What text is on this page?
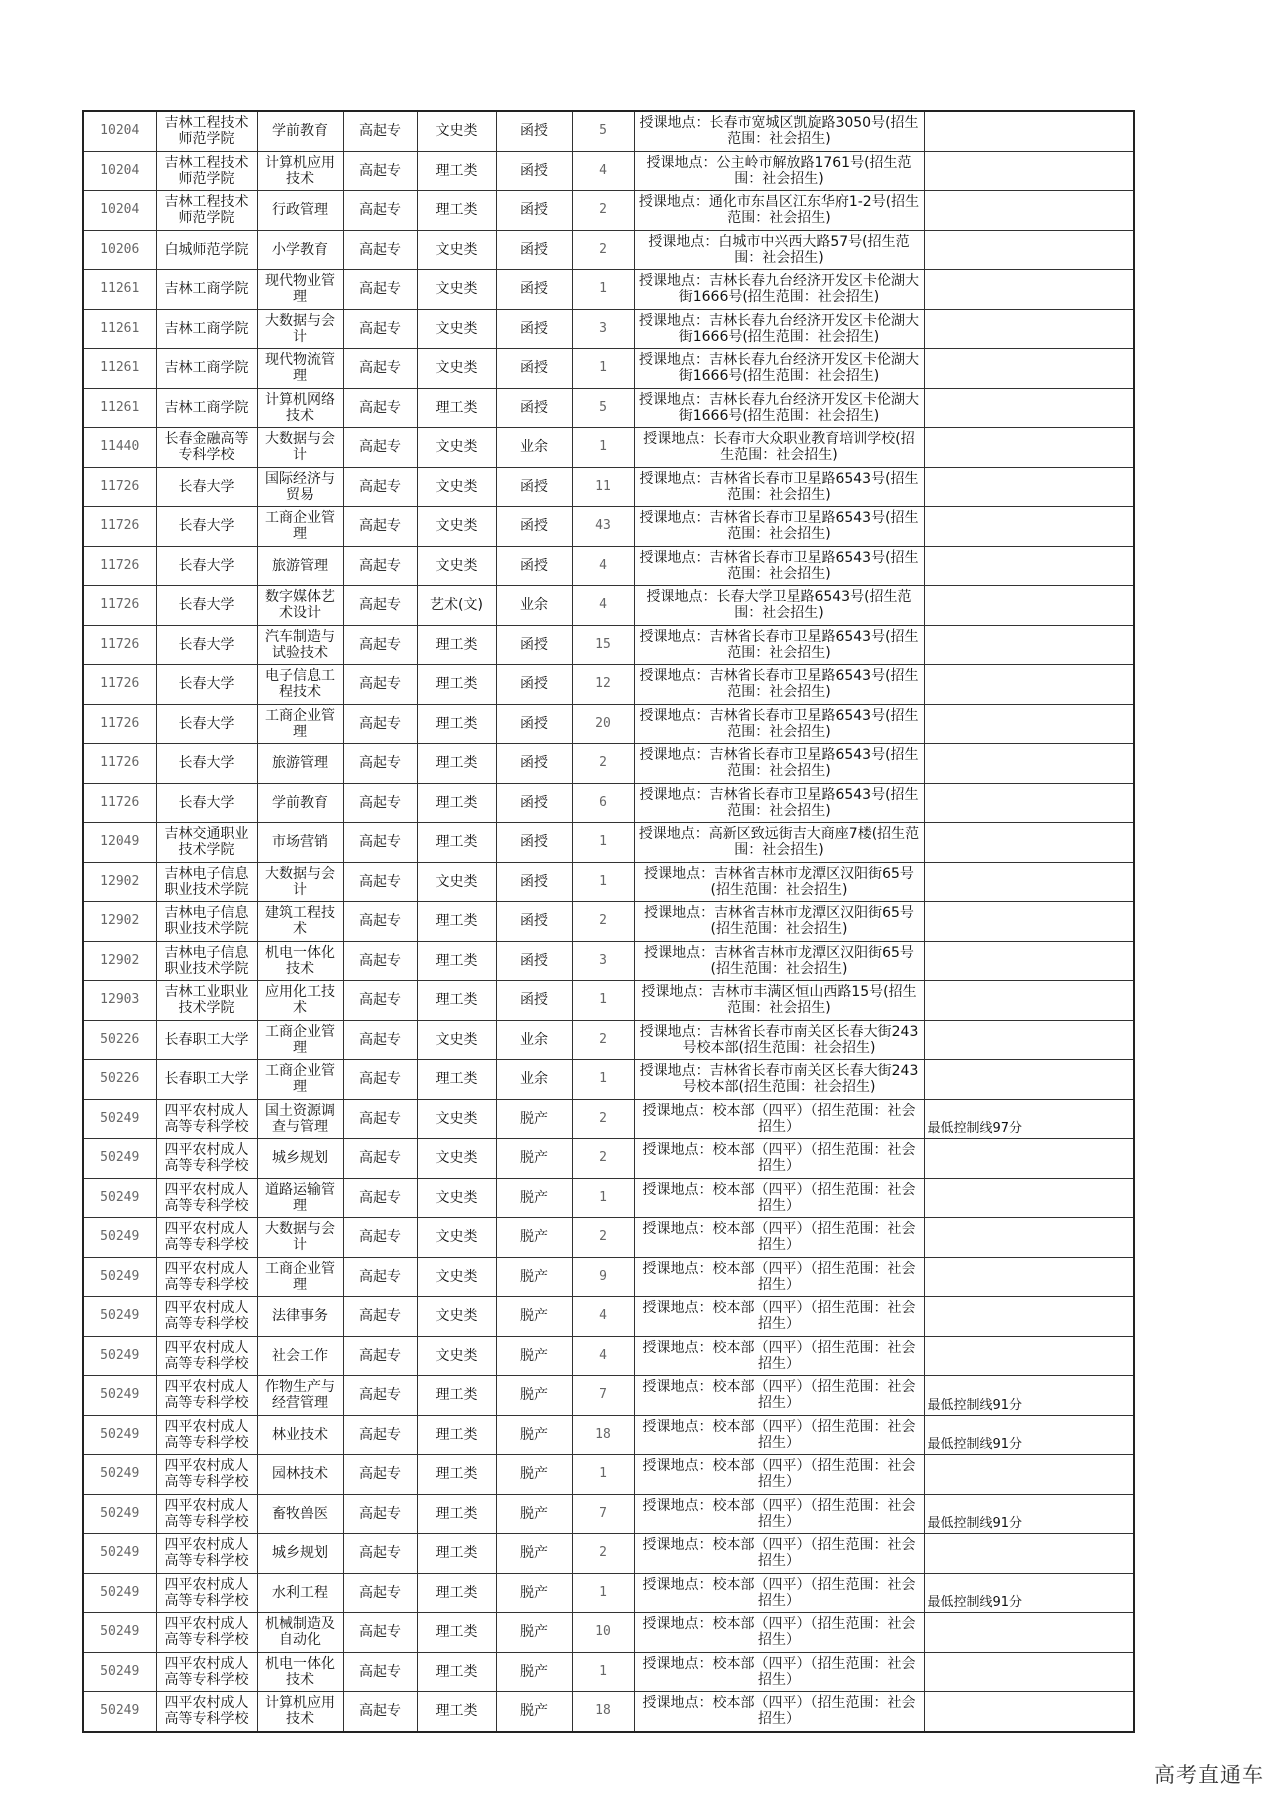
10204	吉林工程技术师范学院	学前教育	高起专	文史类	函授	5	授课地点：长春市宽城区凯旋路3050号(招生范围：社会招生)	
10204	吉林工程技术师范学院	计算机应用技术	高起专	理工类	函授	4	授课地点：公主岭市解放路1761号(招生范围：社会招生)	
10204	吉林工程技术师范学院	行政管理	高起专	理工类	函授	2	授课地点：通化市东昌区江东华府1-2号(招生范围：社会招生)	
10206	白城师范学院	小学教育	高起专	文史类	函授	2	授课地点：白城市中兴西大路57号(招生范围：社会招生)	
11261	吉林工商学院	现代物业管理	高起专	文史类	函授	1	授课地点：吉林长春九台经济开发区卡伦湖大街1666号(招生范围：社会招生)	
11261	吉林工商学院	大数据与会计	高起专	文史类	函授	3	授课地点：吉林长春九台经济开发区卡伦湖大街1666号(招生范围：社会招生)	
11261	吉林工商学院	现代物流管理	高起专	文史类	函授	1	授课地点：吉林长春九台经济开发区卡伦湖大街1666号(招生范围：社会招生)	
11261	吉林工商学院	计算机网络技术	高起专	理工类	函授	5	授课地点：吉林长春九台经济开发区卡伦湖大街1666号(招生范围：社会招生)	
11440	长春金融高等专科学校	大数据与会计	高起专	文史类	业余	1	授课地点：长春市大众职业教育培训学校(招生范围：社会招生)	
11726	长春大学	国际经济与贸易	高起专	文史类	函授	11	授课地点：吉林省长春市卫星路6543号(招生范围：社会招生)	
11726	长春大学	工商企业管理	高起专	文史类	函授	43	授课地点：吉林省长春市卫星路6543号(招生范围：社会招生)	
11726	长春大学	旅游管理	高起专	文史类	函授	4	授课地点：吉林省长春市卫星路6543号(招生范围：社会招生)	
11726	长春大学	数字媒体艺术设计	高起专	艺术(文)	业余	4	授课地点：长春大学卫星路6543号(招生范围：社会招生)	
11726	长春大学	汽车制造与试验技术	高起专	理工类	函授	15	授课地点：吉林省长春市卫星路6543号(招生范围：社会招生)	
11726	长春大学	电子信息工程技术	高起专	理工类	函授	12	授课地点：吉林省长春市卫星路6543号(招生范围：社会招生)	
11726	长春大学	工商企业管理	高起专	理工类	函授	20	授课地点：吉林省长春市卫星路6543号(招生范围：社会招生)	
11726	长春大学	旅游管理	高起专	理工类	函授	2	授课地点：吉林省长春市卫星路6543号(招生范围：社会招生)	
11726	长春大学	学前教育	高起专	理工类	函授	6	授课地点：吉林省长春市卫星路6543号(招生范围：社会招生)	
12049	吉林交通职业技术学院	市场营销	高起专	理工类	函授	1	授课地点：高新区致远街吉大商座7楼(招生范围：社会招生)	
12902	吉林电子信息职业技术学院	大数据与会计	高起专	文史类	函授	1	授课地点：吉林省吉林市龙潭区汉阳街65号(招生范围：社会招生)	
12902	吉林电子信息职业技术学院	建筑工程技术	高起专	理工类	函授	2	授课地点：吉林省吉林市龙潭区汉阳街65号(招生范围：社会招生)	
12902	吉林电子信息职业技术学院	机电一体化技术	高起专	理工类	函授	3	授课地点：吉林省吉林市龙潭区汉阳街65号(招生范围：社会招生)	
12903	吉林工业职业技术学院	应用化工技术	高起专	理工类	函授	1	授课地点：吉林市丰满区恒山西路15号(招生范围：社会招生)	
50226	长春职工大学	工商企业管理	高起专	文史类	业余	2	授课地点：吉林省长春市南关区长春大街243号校本部(招生范围：社会招生)	
50226	长春职工大学	工商企业管理	高起专	理工类	业余	1	授课地点：吉林省长春市南关区长春大街243号校本部(招生范围：社会招生)	
50249	四平农村成人高等专科学校	国土资源调查与管理	高起专	文史类	脱产	2	授课地点：校本部（四平）（招生范围：社会招生）	最低控制线97分
50249	四平农村成人高等专科学校	城乡规划	高起专	文史类	脱产	2	授课地点：校本部（四平）（招生范围：社会招生）	
50249	四平农村成人高等专科学校	道路运输管理	高起专	文史类	脱产	1	授课地点：校本部（四平）（招生范围：社会招生）	
50249	四平农村成人高等专科学校	大数据与会计	高起专	文史类	脱产	2	授课地点：校本部（四平）（招生范围：社会招生）	
50249	四平农村成人高等专科学校	工商企业管理	高起专	文史类	脱产	9	授课地点：校本部（四平）（招生范围：社会招生）	
50249	四平农村成人高等专科学校	法律事务	高起专	文史类	脱产	4	授课地点：校本部（四平）（招生范围：社会招生）	
50249	四平农村成人高等专科学校	社会工作	高起专	文史类	脱产	4	授课地点：校本部（四平）（招生范围：社会招生）	
50249	四平农村成人高等专科学校	作物生产与经营管理	高起专	理工类	脱产	7	授课地点：校本部（四平）（招生范围：社会招生）	最低控制线91分
50249	四平农村成人高等专科学校	林业技术	高起专	理工类	脱产	18	授课地点：校本部（四平）（招生范围：社会招生）	最低控制线91分
50249	四平农村成人高等专科学校	园林技术	高起专	理工类	脱产	1	授课地点：校本部（四平）（招生范围：社会招生）	
50249	四平农村成人高等专科学校	畜牧兽医	高起专	理工类	脱产	7	授课地点：校本部（四平）（招生范围：社会招生）	最低控制线91分
50249	四平农村成人高等专科学校	城乡规划	高起专	理工类	脱产	2	授课地点：校本部（四平）（招生范围：社会招生）	
50249	四平农村成人高等专科学校	水利工程	高起专	理工类	脱产	1	授课地点：校本部（四平）（招生范围：社会招生）	最低控制线91分
50249	四平农村成人高等专科学校	机械制造及自动化	高起专	理工类	脱产	10	授课地点：校本部（四平）（招生范围：社会招生）	
50249	四平农村成人高等专科学校	机电一体化技术	高起专	理工类	脱产	1	授课地点：校本部（四平）（招生范围：社会招生）	
50249	四平农村成人高等专科学校	计算机应用技术	高起专	理工类	脱产	18	授课地点：校本部（四平）（招生范围：社会招生）	
高考直通车
